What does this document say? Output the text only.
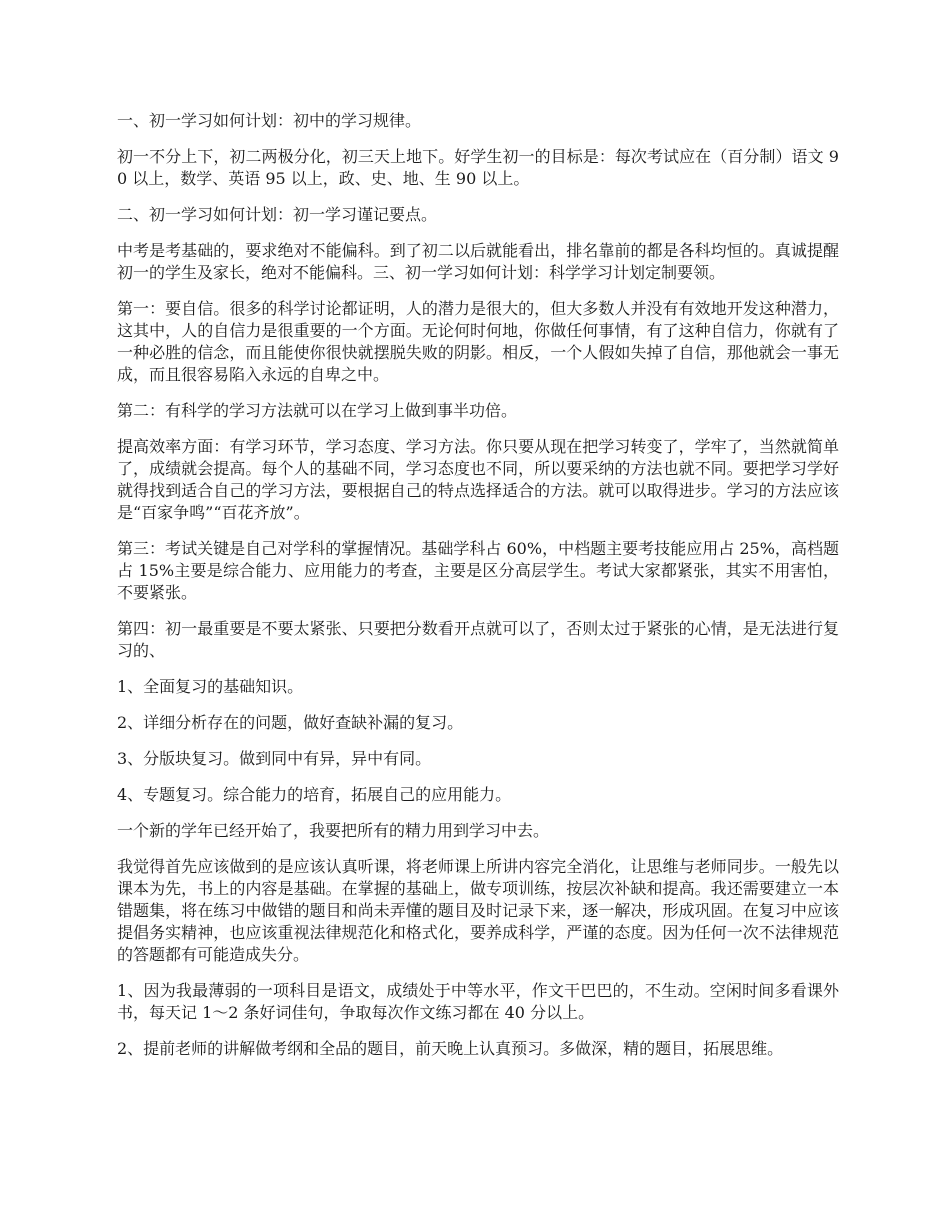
一、初一学习如何计划：初中的学习规律。

初一不分上下，初二两极分化，初三天上地下。好学生初一的目标是：每次考试应在（百分制）语文 90 以上，数学、英语 95 以上，政、史、地、生 90 以上。

二、初一学习如何计划：初一学习谨记要点。

中考是考基础的，要求绝对不能偏科。到了初二以后就能看出，排名靠前的都是各科均恒的。真诚提醒初一的学生及家长，绝对不能偏科。三、初一学习如何计划：科学学习计划定制要领。

第一：要自信。很多的科学讨论都证明，人的潜力是很大的，但大多数人并没有有效地开发这种潜力，这其中，人的自信力是很重要的一个方面。无论何时何地，你做任何事情，有了这种自信力，你就有了一种必胜的信念，而且能使你很快就摆脱失败的阴影。相反，一个人假如失掉了自信，那他就会一事无成，而且很容易陷入永远的自卑之中。

第二：有科学的学习方法就可以在学习上做到事半功倍。

提高效率方面：有学习环节，学习态度、学习方法。你只要从现在把学习转变了，学牢了，当然就简单了，成绩就会提高。每个人的基础不同，学习态度也不同，所以要采纳的方法也就不同。要把学习学好就得找到适合自己的学习方法，要根据自己的特点选择适合的方法。就可以取得进步。学习的方法应该是“百家争鸣”“百花齐放”。

第三：考试关键是自己对学科的掌握情况。基础学科占 60%，中档题主要考技能应用占 25%，高档题占 15%主要是综合能力、应用能力的考查，主要是区分高层学生。考试大家都紧张，其实不用害怕，不要紧张。

第四：初一最重要是不要太紧张、只要把分数看开点就可以了，否则太过于紧张的心情，是无法进行复习的、

1、全面复习的基础知识。

2、详细分析存在的问题，做好查缺补漏的复习。

3、分版块复习。做到同中有异，异中有同。

4、专题复习。综合能力的培育，拓展自己的应用能力。

一个新的学年已经开始了，我要把所有的精力用到学习中去。

我觉得首先应该做到的是应该认真听课，将老师课上所讲内容完全消化，让思维与老师同步。一般先以课本为先，书上的内容是基础。在掌握的基础上，做专项训练，按层次补缺和提高。我还需要建立一本错题集，将在练习中做错的题目和尚未弄懂的题目及时记录下来，逐一解决，形成巩固。在复习中应该提倡务实精神，也应该重视法律规范化和格式化，要养成科学，严谨的态度。因为任何一次不法律规范的答题都有可能造成失分。

1、因为我最薄弱的一项科目是语文，成绩处于中等水平，作文干巴巴的，不生动。空闲时间多看课外书，每天记 1～2 条好词佳句，争取每次作文练习都在 40 分以上。

2、提前老师的讲解做考纲和全品的题目，前天晚上认真预习。多做深，精的题目，拓展思维。
